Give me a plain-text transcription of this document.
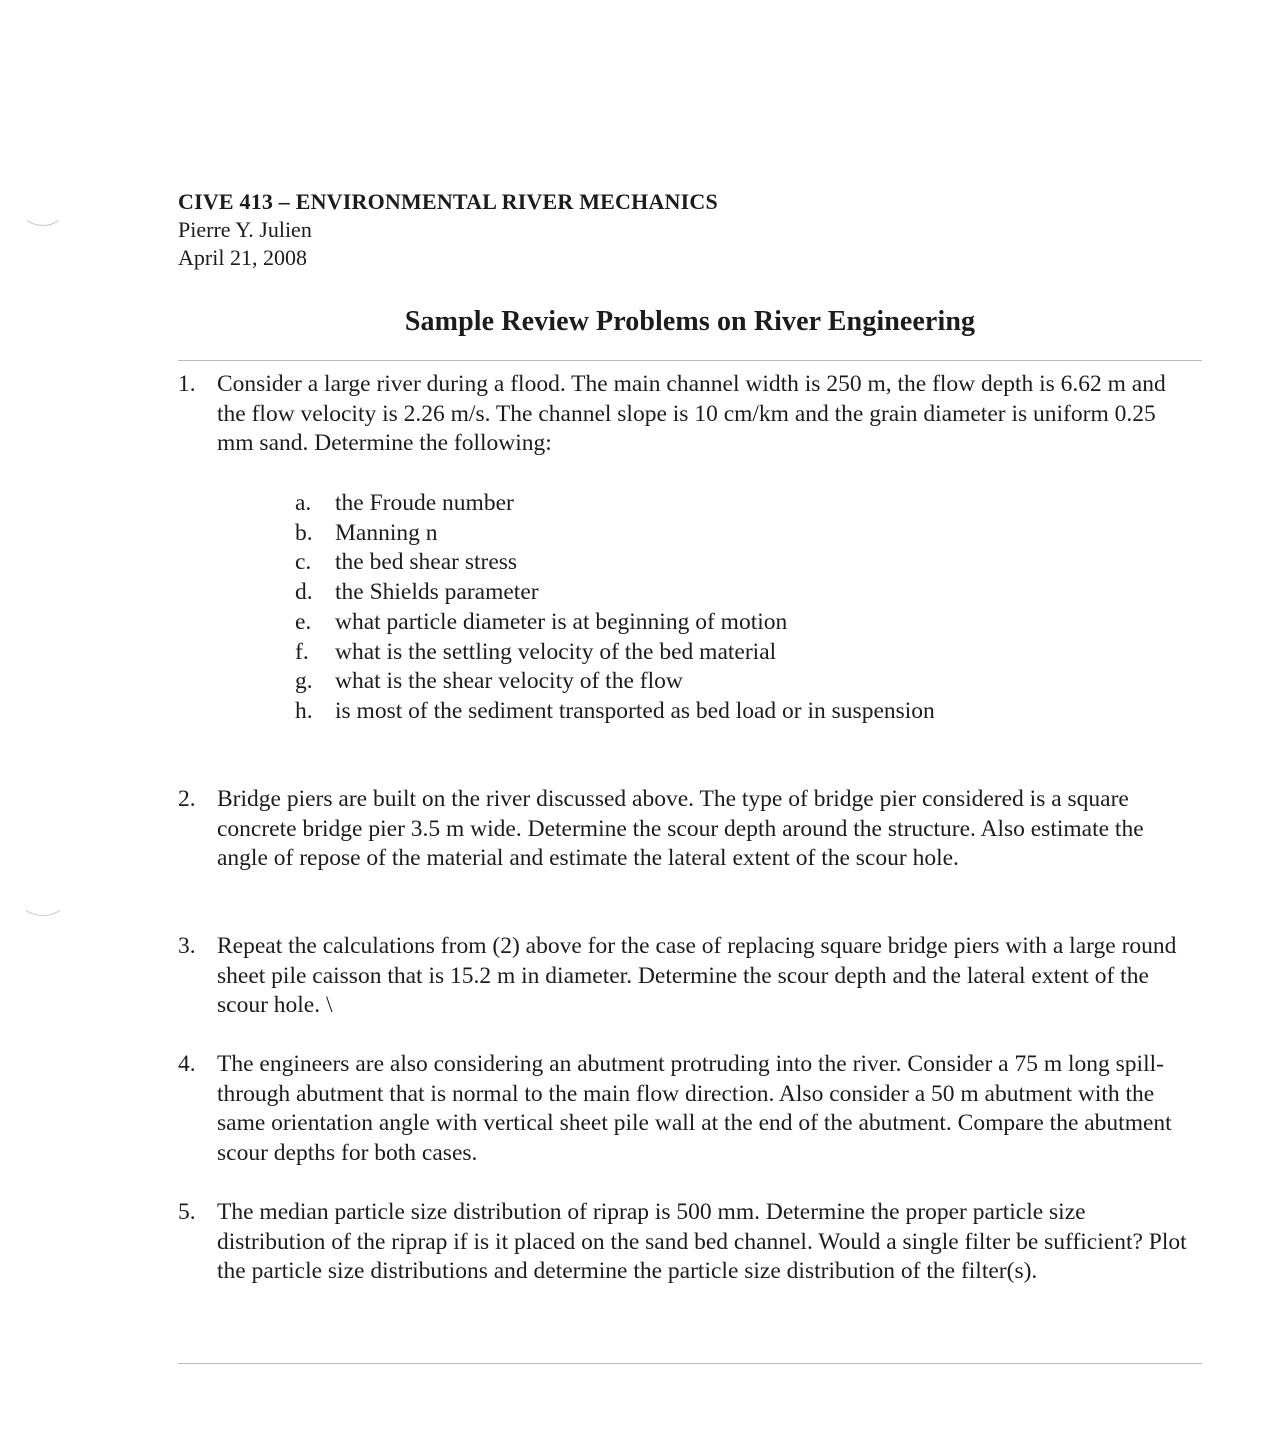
CIVE 413 – ENVIRONMENTAL RIVER MECHANICS
Pierre Y. Julien
April 21, 2008
Sample Review Problems on River Engineering
1. Consider a large river during a flood. The main channel width is 250 m, the flow depth is 6.62 m and the flow velocity is 2.26 m/s. The channel slope is 10 cm/km and the grain diameter is uniform 0.25 mm sand. Determine the following:
a. the Froude number
b. Manning n
c. the bed shear stress
d. the Shields parameter
e. what particle diameter is at beginning of motion
f. what is the settling velocity of the bed material
g. what is the shear velocity of the flow
h. is most of the sediment transported as bed load or in suspension
2. Bridge piers are built on the river discussed above. The type of bridge pier considered is a square concrete bridge pier 3.5 m wide. Determine the scour depth around the structure. Also estimate the angle of repose of the material and estimate the lateral extent of the scour hole.
3. Repeat the calculations from (2) above for the case of replacing square bridge piers with a large round sheet pile caisson that is 15.2 m in diameter. Determine the scour depth and the lateral extent of the scour hole. \
4. The engineers are also considering an abutment protruding into the river. Consider a 75 m long spill-through abutment that is normal to the main flow direction. Also consider a 50 m abutment with the same orientation angle with vertical sheet pile wall at the end of the abutment. Compare the abutment scour depths for both cases.
5. The median particle size distribution of riprap is 500 mm. Determine the proper particle size distribution of the riprap if is it placed on the sand bed channel. Would a single filter be sufficient? Plot the particle size distributions and determine the particle size distribution of the filter(s).
